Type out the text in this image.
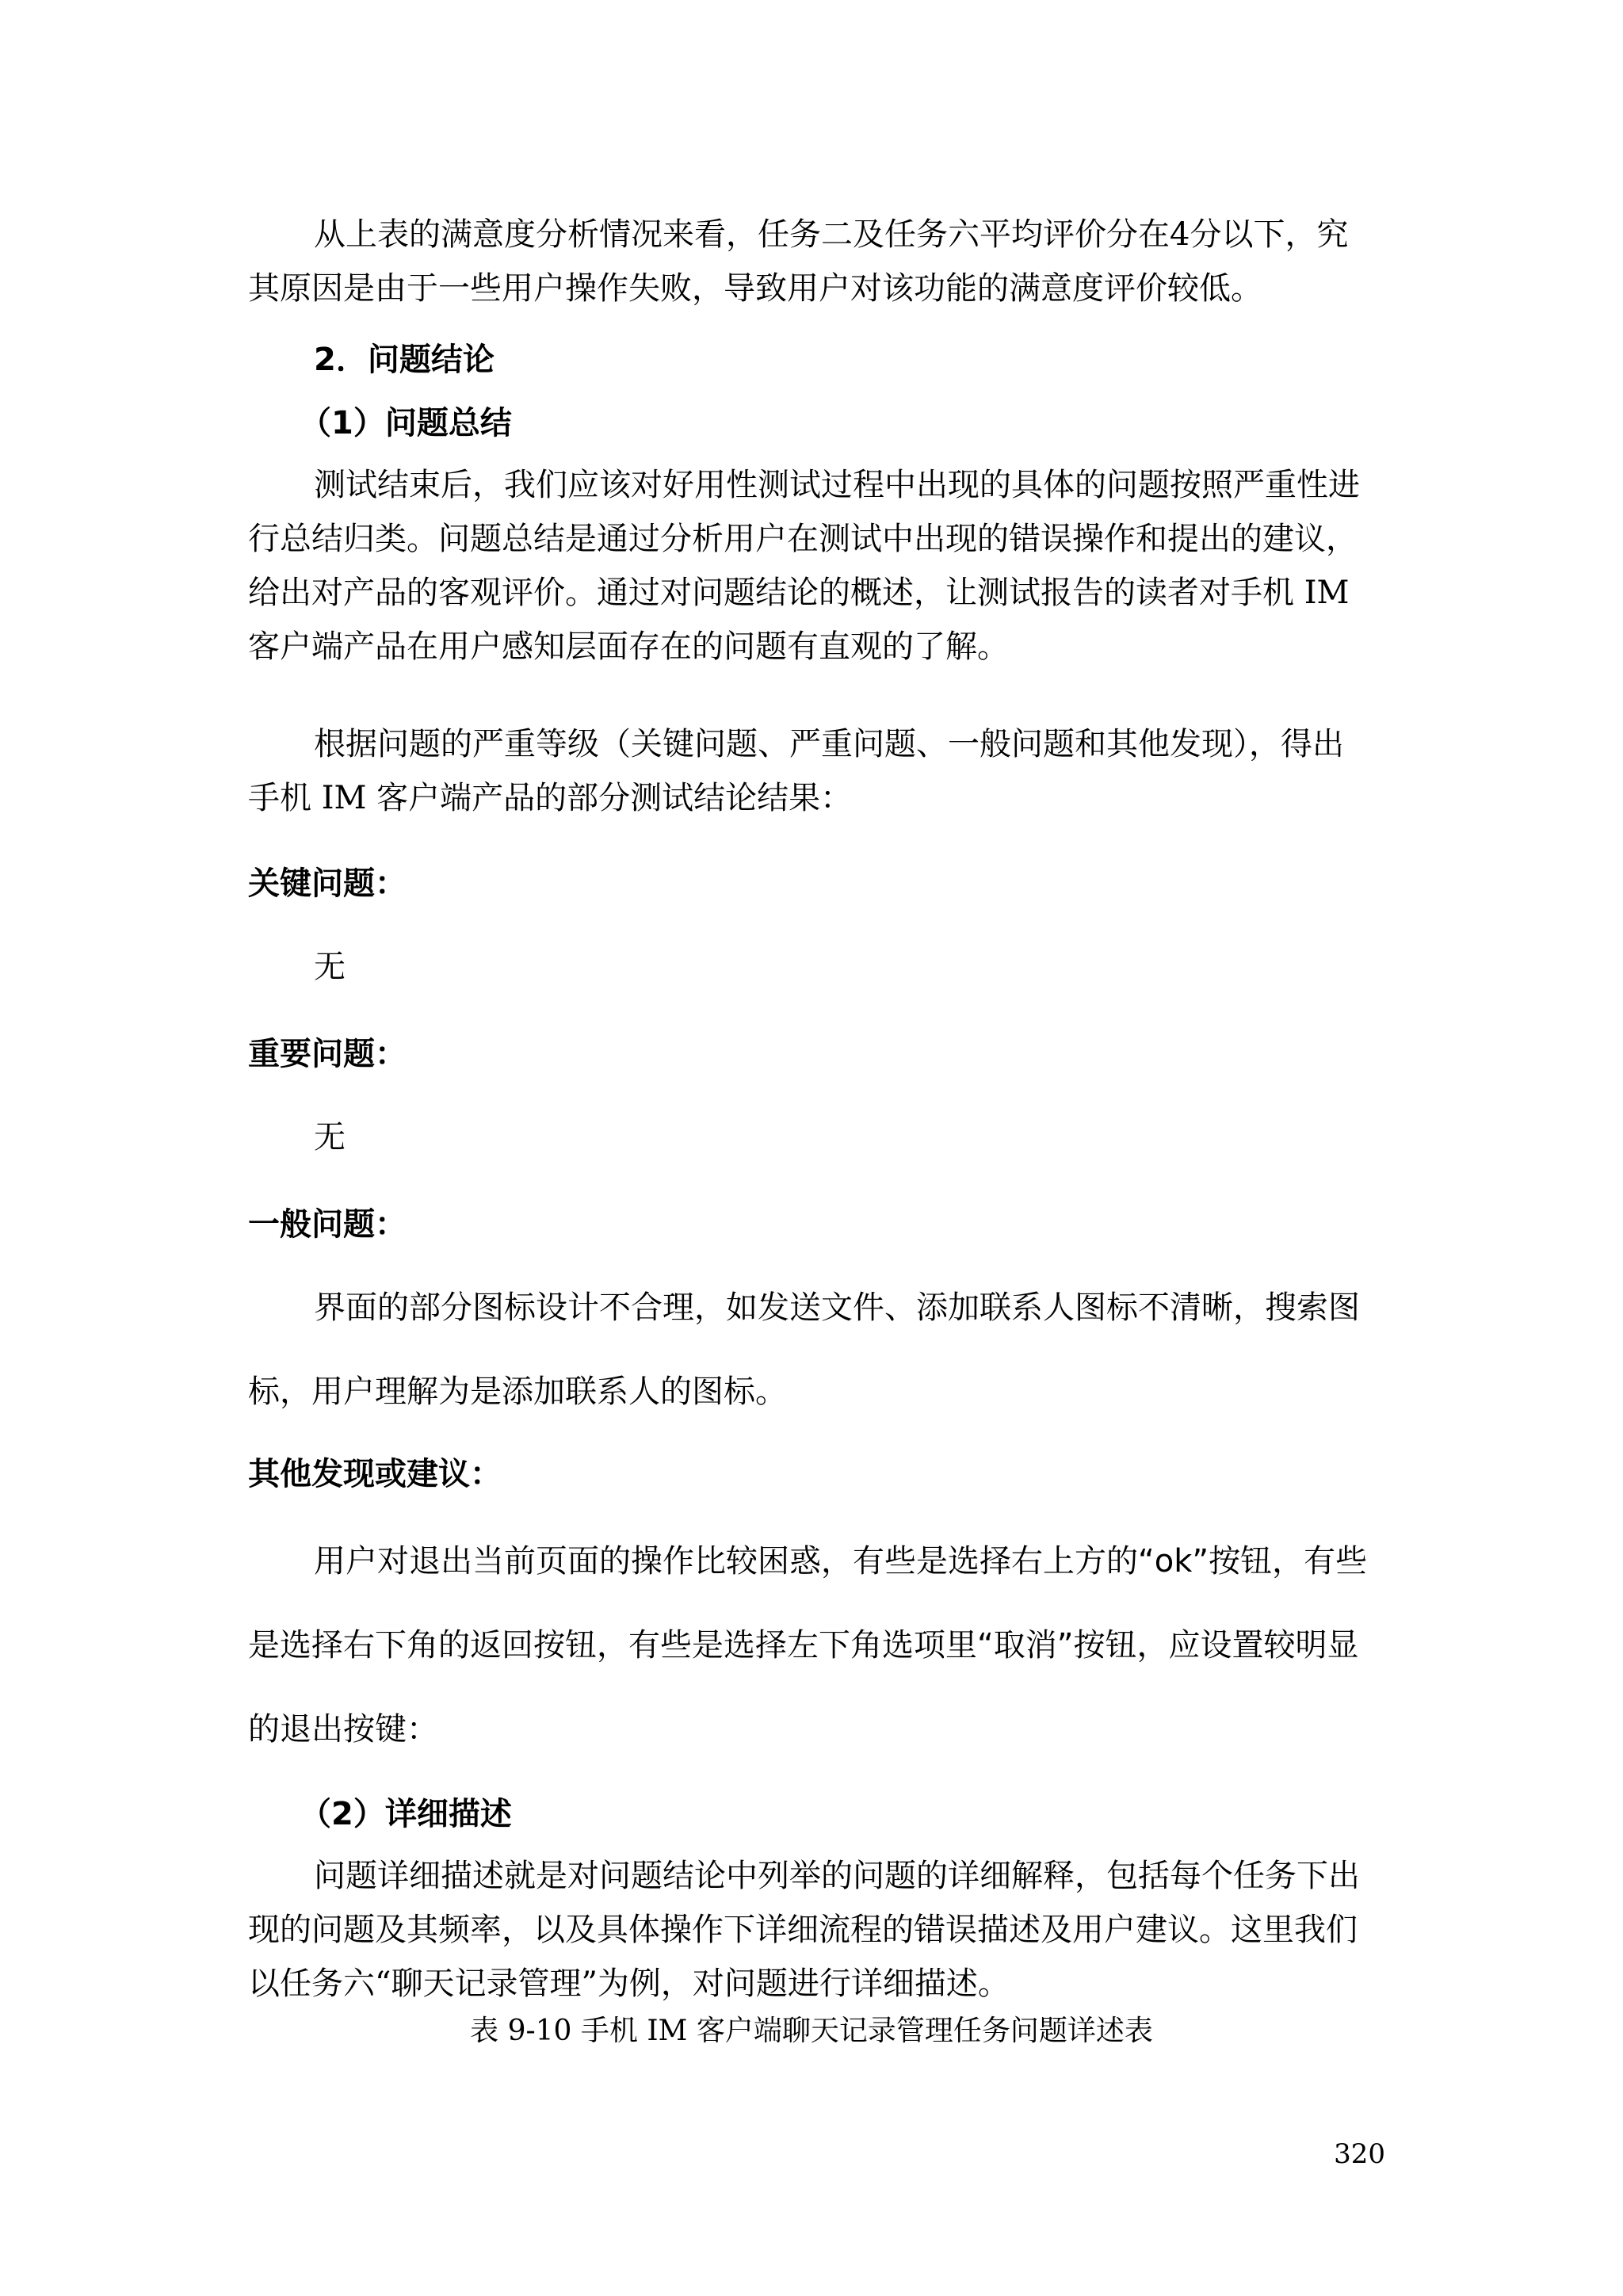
从上表的满意度分析情况来看，任务二及任务六平均评价分在4分以下，究
其原因是由于一些用户操作失败，导致用户对该功能的满意度评价较低。
2．问题结论
（1）问题总结
测试结束后，我们应该对好用性测试过程中出现的具体的问题按照严重性进
行总结归类。问题总结是通过分析用户在测试中出现的错误操作和提出的建议，
给出对产品的客观评价。通过对问题结论的概述，让测试报告的读者对手机 IM
客户端产品在用户感知层面存在的问题有直观的了解。
根据问题的严重等级（关键问题、严重问题、一般问题和其他发现），得出
手机 IM 客户端产品的部分测试结论结果：
关键问题：
无
重要问题：
无
一般问题：
界面的部分图标设计不合理，如发送文件、添加联系人图标不清晰，搜索图
标，用户理解为是添加联系人的图标。
其他发现或建议：
用户对退出当前页面的操作比较困惑，有些是选择右上方的“ok”按钮，有些
是选择右下角的返回按钮，有些是选择左下角选项里“取消”按钮，应设置较明显
的退出按键：
（2）详细描述
问题详细描述就是对问题结论中列举的问题的详细解释，包括每个任务下出
现的问题及其频率，以及具体操作下详细流程的错误描述及用户建议。这里我们
以任务六“聊天记录管理”为例，对问题进行详细描述。
表 9-10 手机 IM 客户端聊天记录管理任务问题详述表
320
